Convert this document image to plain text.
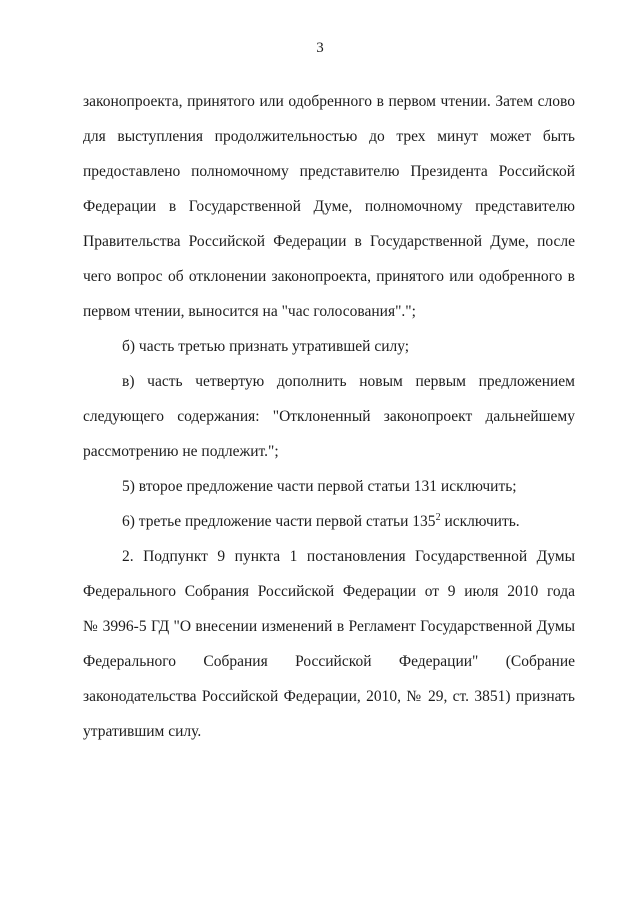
3
законопроекта, принятого или одобренного в первом чтении. Затем слово
для выступления продолжительностью до трех минут может быть
предоставлено полномочному представителю Президента Российской
Федерации в Государственной Думе, полномочному представителю
Правительства Российской Федерации в Государственной Думе, после
чего вопрос об отклонении законопроекта, принятого или одобренного в
первом чтении, выносится на "час голосования".";
б) часть третью признать утратившей силу;
в) часть четвертую дополнить новым первым предложением
следующего содержания: "Отклоненный законопроект дальнейшему
рассмотрению не подлежит.";
5) второе предложение части первой статьи 131 исключить;
6) третье предложение части первой статьи $135^2$ исключить.
2. Подпункт 9 пункта 1 постановления Государственной Думы
Федерального Собрания Российской Федерации от 9 июля 2010 года
№ 3996-5 ГД "О внесении изменений в Регламент Государственной Думы
Федерального Собрания Российской Федерации" (Собрание
законодательства Российской Федерации, 2010, № 29, ст. 3851) признать
утратившим силу.
